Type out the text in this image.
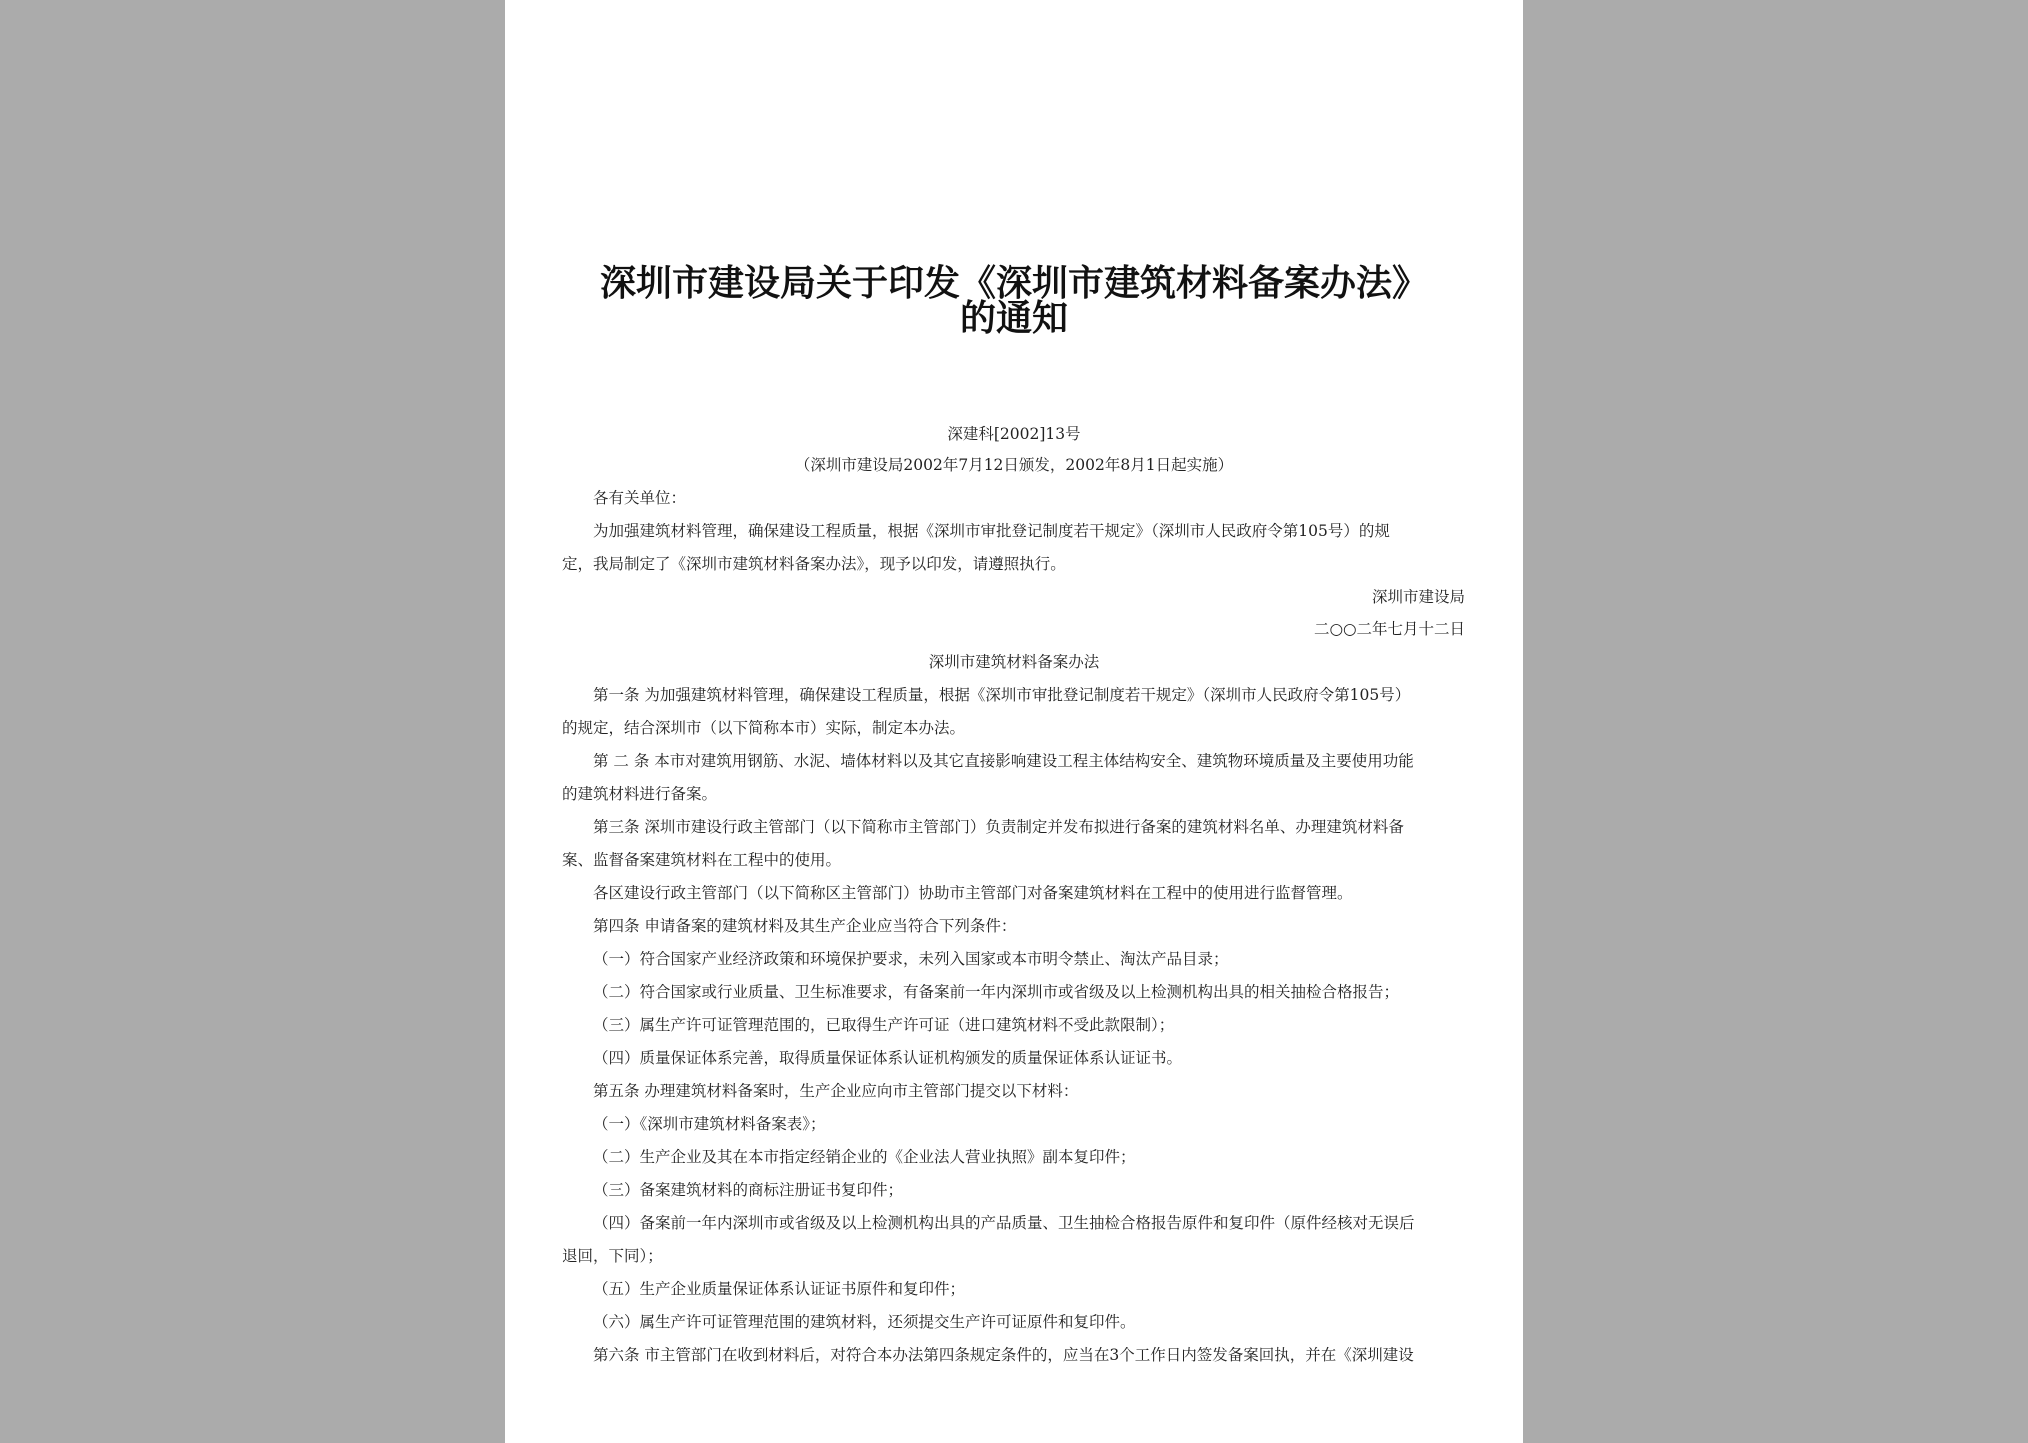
深圳市建设局关于印发《深圳市建筑材料备案办法》
的通知
深建科[2002]13号
（深圳市建设局2002年7月12日颁发，2002年8月1日起实施）
各有关单位：
为加强建筑材料管理，确保建设工程质量，根据《深圳市审批登记制度若干规定》（深圳市人民政府令第105号）的规
定，我局制定了《深圳市建筑材料备案办法》，现予以印发，请遵照执行。
深圳市建设局
二○○二年七月十二日
深圳市建筑材料备案办法
第一条 为加强建筑材料管理，确保建设工程质量，根据《深圳市审批登记制度若干规定》（深圳市人民政府令第105号）
的规定，结合深圳市（以下简称本市）实际，制定本办法。
第 二 条 本市对建筑用钢筋、水泥、墙体材料以及其它直接影响建设工程主体结构安全、建筑物环境质量及主要使用功能
的建筑材料进行备案。
第三条 深圳市建设行政主管部门（以下简称市主管部门）负责制定并发布拟进行备案的建筑材料名单、办理建筑材料备
案、监督备案建筑材料在工程中的使用。
各区建设行政主管部门（以下简称区主管部门）协助市主管部门对备案建筑材料在工程中的使用进行监督管理。
第四条 申请备案的建筑材料及其生产企业应当符合下列条件：
（一）符合国家产业经济政策和环境保护要求，未列入国家或本市明令禁止、淘汰产品目录；
（二）符合国家或行业质量、卫生标准要求，有备案前一年内深圳市或省级及以上检测机构出具的相关抽检合格报告；
（三）属生产许可证管理范围的，已取得生产许可证（进口建筑材料不受此款限制）；
（四）质量保证体系完善，取得质量保证体系认证机构颁发的质量保证体系认证证书。
第五条 办理建筑材料备案时，生产企业应向市主管部门提交以下材料：
（一）《深圳市建筑材料备案表》；
（二）生产企业及其在本市指定经销企业的《企业法人营业执照》副本复印件；
（三）备案建筑材料的商标注册证书复印件；
（四）备案前一年内深圳市或省级及以上检测机构出具的产品质量、卫生抽检合格报告原件和复印件（原件经核对无误后
退回，下同）；
（五）生产企业质量保证体系认证证书原件和复印件；
（六）属生产许可证管理范围的建筑材料，还须提交生产许可证原件和复印件。
第六条 市主管部门在收到材料后，对符合本办法第四条规定条件的，应当在3个工作日内签发备案回执，并在《深圳建设
